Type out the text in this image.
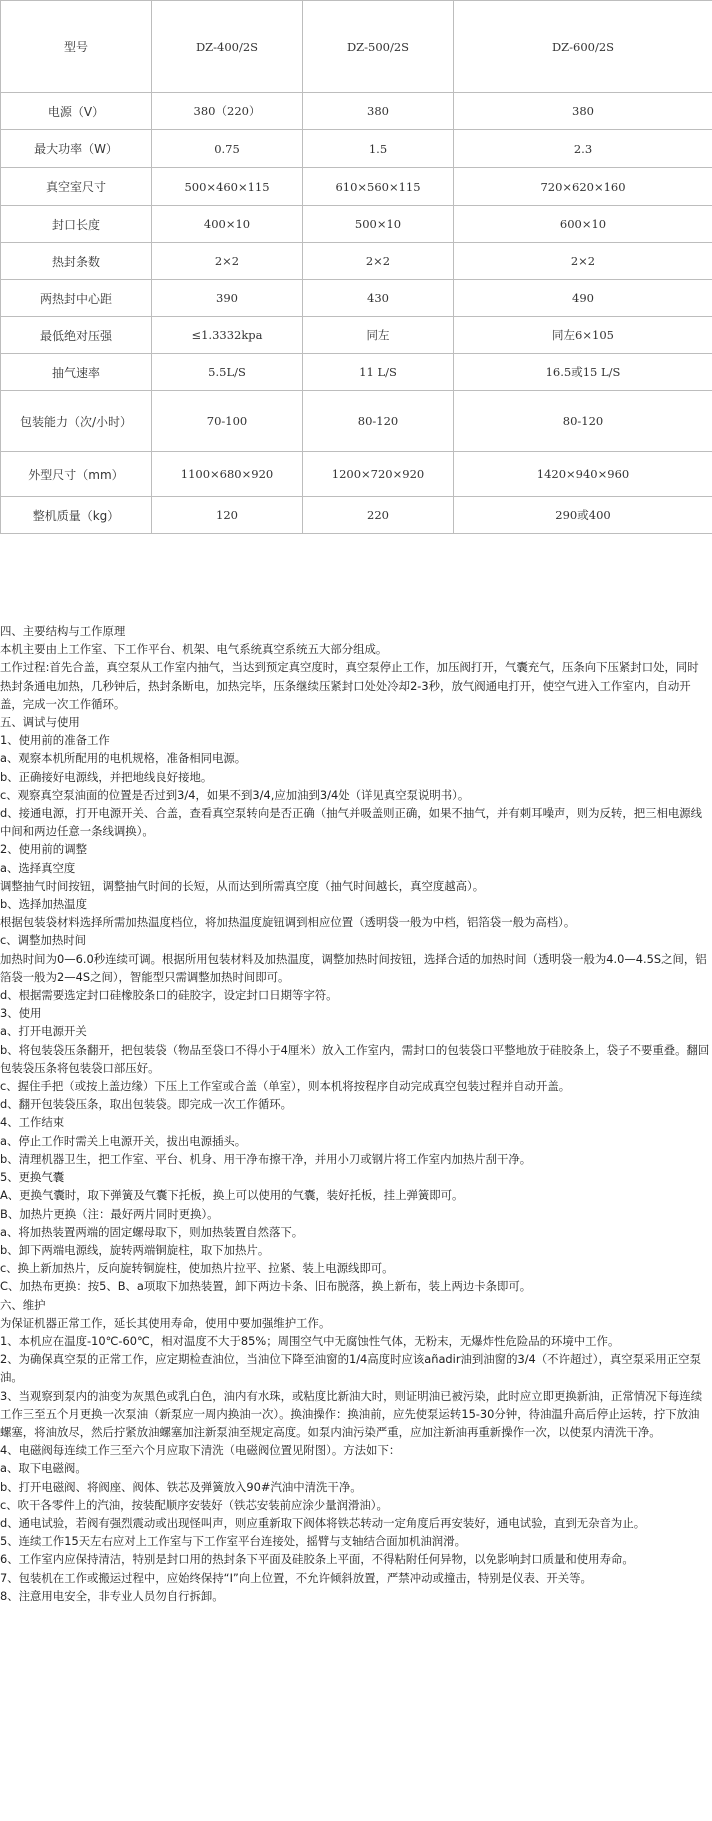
型号	DZ-400/2S	DZ-500/2S	DZ-600/2S
电源（V）	380（220）	380	380
最大功率（W）	0.75	1.5	2.3
真空室尺寸	500×460×115	610×560×115	720×620×160
封口长度	400×10	500×10	600×10
热封条数	2×2	2×2	2×2
两热封中心距	390	430	490
最低绝对压强	≤1.3332kpa	同左	同左6×105
抽气速率	5.5L/S	11 L/S	16.5或15 L/S
包装能力（次/小时）	70-100	80-120	80-120
外型尺寸（mm）	1100×680×920	1200×720×920	1420×940×960
整机质量（kg）	120	220	290或400

四、主要结构与工作原理

本机主要由上工作室、下工作平台、机架、电气系统真空系统五大部分组成。

工作过程:首先合盖，真空泵从工作室内抽气，当达到预定真空度时，真空泵停止工作，加压阀打开，气囊充气，压条向下压紧封口处，同时热封条通电加热，几秒钟后，热封条断电，加热完毕，压条继续压紧封口处处冷却2-3秒，放气阀通电打开，使空气进入工作室内，自动开盖，完成一次工作循环。

五、调试与使用

1、使用前的准备工作

a、观察本机所配用的电机规格，准备相同电源。

b、正确接好电源线，并把地线良好接地。

c、观察真空泵油面的位置是否过到3/4，如果不到3/4,应加油到3/4处（详见真空泵说明书）。

d、接通电源，打开电源开关、合盖，查看真空泵转向是否正确（抽气并吸盖则正确，如果不抽气，并有刺耳噪声，则为反转，把三相电源线中间和两边任意一条线调换）。

2、使用前的调整

a、选择真空度

调整抽气时间按钮，调整抽气时间的长短，从而达到所需真空度（抽气时间越长，真空度越高）。

b、选择加热温度

根据包装袋材料选择所需加热温度档位，将加热温度旋钮调到相应位置（透明袋一般为中档，铝箔袋一般为高档）。

c、调整加热时间

加热时间为0—6.0秒连续可调。根据所用包装材料及加热温度，调整加热时间按钮，选择合适的加热时间（透明袋一般为4.0—4.5S之间，铝箔袋一般为2—4S之间），智能型只需调整加热时间即可。

d、根据需要选定封口硅橡胶条口的硅胶字，设定封口日期等字符。

3、使用

a、打开电源开关

b、将包装袋压条翻开，把包装袋（物品至袋口不得小于4厘米）放入工作室内，需封口的包装袋口平整地放于硅胶条上，袋子不要重叠。翻回包装袋压条将包装袋口部压好。

c、握住手把（或按上盖边缘）下压上工作室或合盖（单室），则本机将按程序自动完成真空包装过程并自动开盖。

d、翻开包装袋压条，取出包装袋。即完成一次工作循环。

4、工作结束

a、停止工作时需关上电源开关，拔出电源插头。

b、清理机器卫生，把工作室、平台、机身、用干净布擦干净，并用小刀或钢片将工作室内加热片刮干净。

5、更换气囊

A、更换气囊时，取下弹簧及气囊下托板，换上可以使用的气囊，装好托板，挂上弹簧即可。

B、加热片更换（注：最好两片同时更换）。

a、将加热装置两端的固定螺母取下，则加热装置自然落下。

b、卸下两端电源线，旋转两端铜旋柱，取下加热片。

c、换上新加热片，反向旋转铜旋柱，使加热片拉平、拉紧、装上电源线即可。

C、加热布更换：按5、B、a项取下加热装置，卸下两边卡条、旧布脱落，换上新布，装上两边卡条即可。

六、维护

为保证机器正常工作，延长其使用寿命，使用中要加强维护工作。

1、本机应在温度-10℃-60℃，相对温度不大于85%；周围空气中无腐蚀性气体，无粉末，无爆炸性危险品的环境中工作。

2、为确保真空泵的正常工作，应定期检查油位，当油位下降至油窗的1/4高度时应该añadir油到油窗的3/4（不许超过），真空泵采用正空泵油。

3、当观察到泵内的油变为灰黑色或乳白色，油内有水珠，或粘度比新油大时，则证明油已被污染，此时应立即更换新油，正常情况下每连续工作三至五个月更换一次泵油（新泵应一周内换油一次）。换油操作：换油前，应先使泵运转15-30分钟，待油温升高后停止运转，拧下放油螺塞，将油放尽，然后拧紧放油螺塞加注新泵油至规定高度。如泵内油污染严重，应加注新油再重新操作一次，以使泵内清洗干净。

4、电磁阀每连续工作三至六个月应取下清洗（电磁阀位置见附图）。方法如下：

a、取下电磁阀。

b、打开电磁阀、将阀座、阀体、铁芯及弹簧放入90#汽油中清洗干净。

c、吹干各零件上的汽油，按装配顺序安装好（铁芯安装前应涂少量润滑油）。

d、通电试验，若阀有强烈震动或出现怪叫声，则应重新取下阀体将铁芯转动一定角度后再安装好，通电试验，直到无杂音为止。

5、连续工作15天左右应对上工作室与下工作室平台连接处，摇臂与支轴结合面加机油润滑。

6、工作室内应保持清洁，特别是封口用的热封条下平面及硅胶条上平面，不得粘附任何异物，以免影响封口质量和使用寿命。

7、包装机在工作或搬运过程中，应始终保持“Ⅰ”向上位置，不允许倾斜放置，严禁冲动或撞击，特别是仪表、开关等。

8、注意用电安全，非专业人员勿自行拆卸。
